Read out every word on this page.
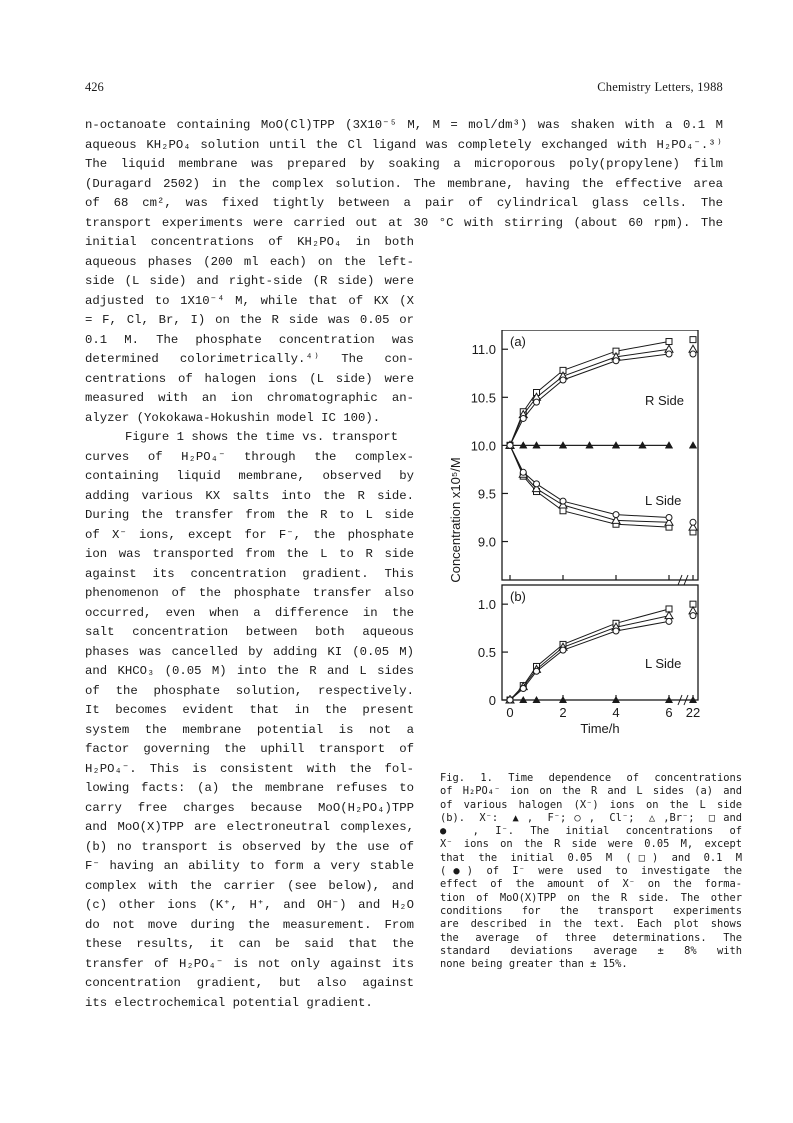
426	Chemistry Letters, 1988
n-octanoate containing MoO(Cl)TPP (3X10⁻⁵ M, M = mol/dm³) was shaken with a 0.1 M
aqueous KH₂PO₄ solution until the Cl ligand was completely exchanged with H₂PO₄⁻.³⁾
The liquid membrane was prepared by soaking a microporous poly(propylene) film
(Duragard 2502) in the complex solution. The membrane, having the effective area
of 68 cm², was fixed tightly between a pair of cylindrical glass cells. The
transport experiments were carried out at 30 °C with stirring (about 60 rpm). The
initial concentrations of KH₂PO₄ in both
aqueous phases (200 ml each) on the left-
side (L side) and right-side (R side) were
adjusted to 1X10⁻⁴ M, while that of KX (X
= F, Cl, Br, I) on the R side was 0.05 or
0.1 M. The phosphate concentration was
determined colorimetrically.⁴⁾ The con-
centrations of halogen ions (L side) were
measured with an ion chromatographic an-
alyzer (Yokokawa-Hokushin model IC 100).
Figure 1 shows the time vs. transport
curves of H₂PO₄⁻ through the complex-
containing liquid membrane, observed by
adding various KX salts into the R side.
During the transfer from the R to L side
of X⁻ ions, except for F⁻, the phosphate
ion was transported from the L to R side
against its concentration gradient. This
phenomenon of the phosphate transfer also
occurred, even when a difference in the
salt concentration between both aqueous
phases was cancelled by adding KI (0.05 M)
and KHCO₃ (0.05 M) into the R and L sides
of the phosphate solution, respectively.
It becomes evident that in the present
system the membrane potential is not a
factor governing the uphill transport of
H₂PO₄⁻. This is consistent with the fol-
lowing facts: (a) the membrane refuses to
carry free charges because MoO(H₂PO₄)TPP
and MoO(X)TPP are electroneutral complexes,
(b) no transport is observed by the use of
F⁻ having an ability to form a very stable
complex with the carrier (see below), and
(c) other ions (K⁺, H⁺, and OH⁻) and H₂O
do not move during the measurement. From
these results, it can be said that the
transfer of H₂PO₄⁻ is not only against its
concentration gradient, but also against
its electrochemical potential gradient.
9.0
9.5
10.0
10.5
11.0
(a)
R Side
L Side
0
0.5
1.0
(b)
L Side
0	2	4	6 22
Time/h
Concentration x10⁵/M
Fig. 1. Time dependence of concentrations
of H₂PO₄⁻ ion on the R and L sides (a) and
of various halogen (X⁻) ions on the L side
(b). X⁻: ▲, F⁻;○, Cl⁻; △,Br⁻; □and
● , I⁻. The initial concentrations of
X⁻ ions on the R side were 0.05 M, except
that the initial 0.05 M (□) and 0.1 M
(●) of I⁻ were used to investigate the
effect of the amount of X⁻ on the forma-
tion of MoO(X)TPP on the R side. The other
conditions for the transport experiments
are described in the text. Each plot shows
the average of three determinations. The
standard deviations average ± 8% with
none being greater than ± 15%.
